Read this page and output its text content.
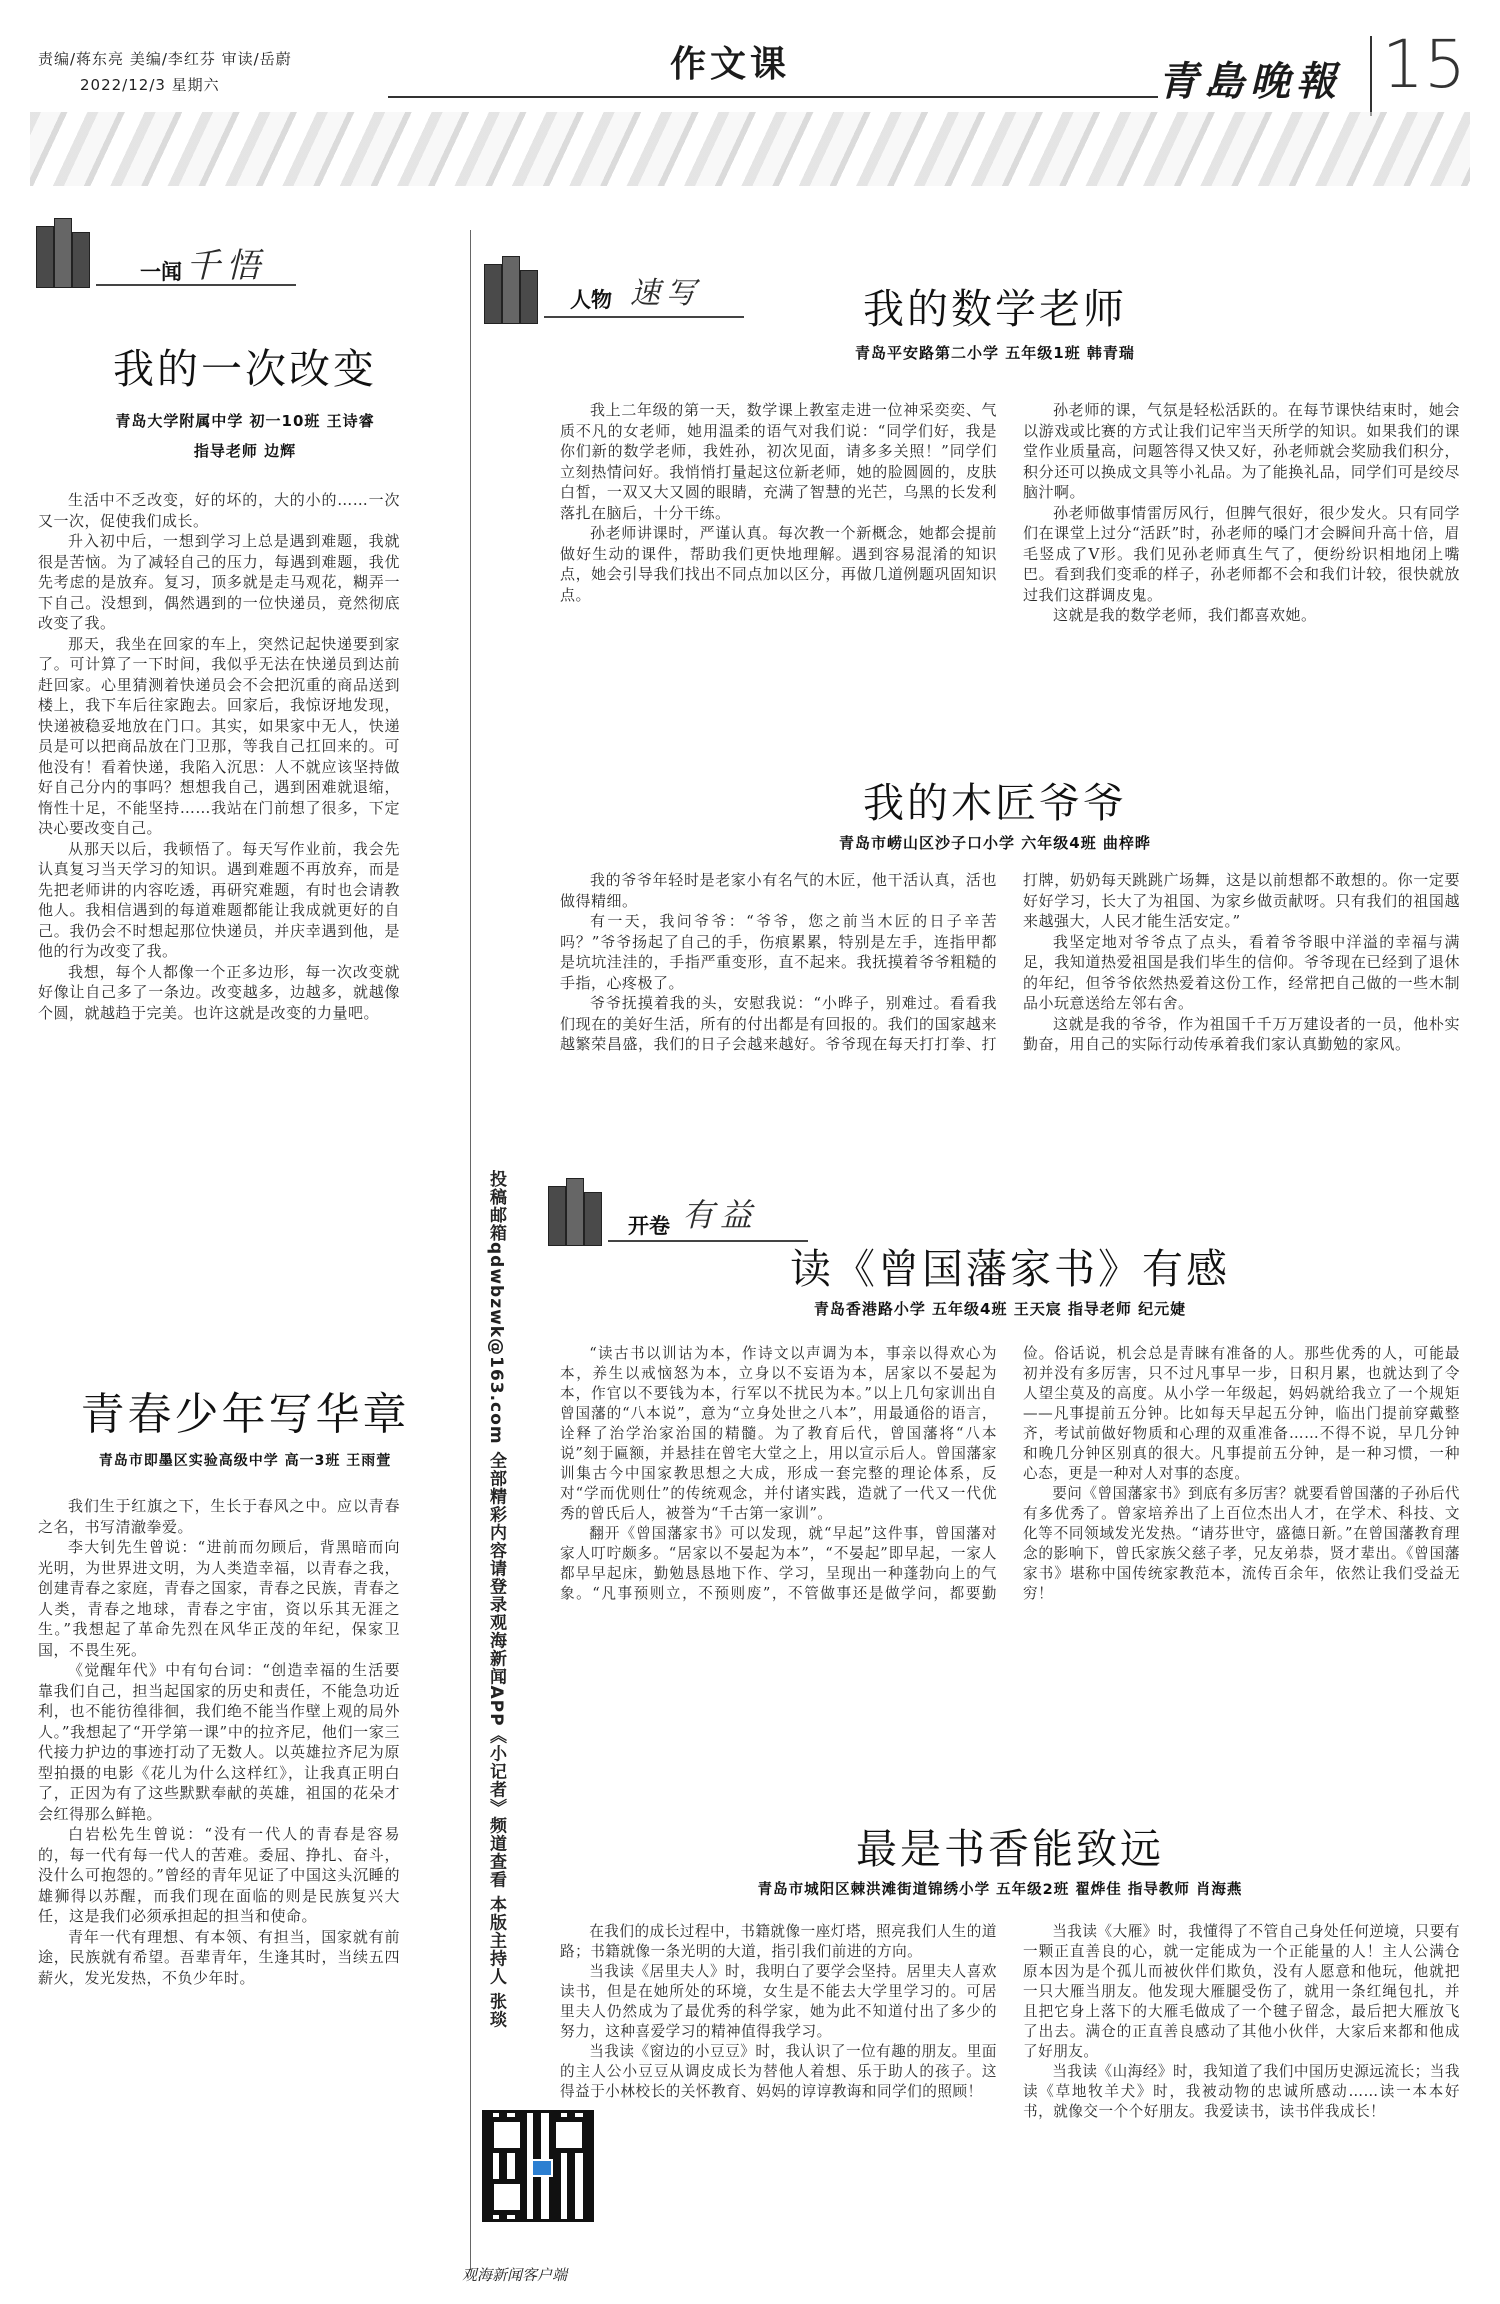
责编/蒋东亮 美编/李红芬 审读/岳蔚
2022/12/3 星期六	作文课	青島晚報 15
一闻 千悟
我的一次改变
青岛大学附属中学 初一10班 王诗睿
指导老师 边辉

生活中不乏改变，好的坏的，大的小的……一次又一次，促使我们成长。

升入初中后，一想到学习上总是遇到难题，我就很是苦恼。为了减轻自己的压力，每遇到难题，我优先考虑的是放弃。复习，顶多就是走马观花，糊弄一下自己。没想到，偶然遇到的一位快递员，竟然彻底改变了我。

那天，我坐在回家的车上，突然记起快递要到家了。可计算了一下时间，我似乎无法在快递员到达前赶回家。心里猜测着快递员会不会把沉重的商品送到楼上，我下车后往家跑去。回家后，我惊讶地发现，快递被稳妥地放在门口。其实，如果家中无人，快递员是可以把商品放在门卫那，等我自己扛回来的。可他没有！看着快递，我陷入沉思：人不就应该坚持做好自己分内的事吗？想想我自己，遇到困难就退缩，惰性十足，不能坚持……我站在门前想了很多，下定决心要改变自己。

从那天以后，我顿悟了。每天写作业前，我会先认真复习当天学习的知识。遇到难题不再放弃，而是先把老师讲的内容吃透，再研究难题，有时也会请教他人。我相信遇到的每道难题都能让我成就更好的自己。我仍会不时想起那位快递员，并庆幸遇到他，是他的行为改变了我。

我想，每个人都像一个正多边形，每一次改变就好像让自己多了一条边。改变越多，边越多，就越像个圆，就越趋于完美。也许这就是改变的力量吧。

青春少年写华章
青岛市即墨区实验高级中学 高一3班 王雨萱

我们生于红旗之下，生长于春风之中。应以青春之名，书写清澈拳爱。

李大钊先生曾说：“进前而勿顾后，背黑暗而向光明，为世界进文明，为人类造幸福，以青春之我，创建青春之家庭，青春之国家，青春之民族，青春之人类，青春之地球，青春之宇宙，资以乐其无涯之生。”我想起了革命先烈在风华正茂的年纪，保家卫国，不畏生死。

《觉醒年代》中有句台词：“创造幸福的生活要靠我们自己，担当起国家的历史和责任，不能急功近利，也不能彷徨徘徊，我们绝不能当作壁上观的局外人。”我想起了“开学第一课”中的拉齐尼，他们一家三代接力护边的事迹打动了无数人。以英雄拉齐尼为原型拍摄的电影《花儿为什么这样红》，让我真正明白了，正因为有了这些默默奉献的英雄，祖国的花朵才会红得那么鲜艳。

白岩松先生曾说：“没有一代人的青春是容易的，每一代有每一代人的苦难。委屈、挣扎、奋斗，没什么可抱怨的。”曾经的青年见证了中国这头沉睡的雄狮得以苏醒，而我们现在面临的则是民族复兴大任，这是我们必须承担起的担当和使命。

青年一代有理想、有本领、有担当，国家就有前途，民族就有希望。吾辈青年，生逢其时，当续五四薪火，发光发热，不负少年时。	投稿邮箱qdwbzwk@163.com 全部精彩内容请登录观海新闻APP《小记者》频道查看 本版主持人 张琰
观海新闻客户端
人物 速写	我的数学老师
青岛平安路第二小学 五年级1班 韩青瑞

我上二年级的第一天，数学课上教室走进一位神采奕奕、气质不凡的女老师，她用温柔的语气对我们说：“同学们好，我是你们新的数学老师，我姓孙，初次见面，请多多关照！”同学们立刻热情问好。我悄悄打量起这位新老师，她的脸圆圆的，皮肤白皙，一双又大又圆的眼睛，充满了智慧的光芒，乌黑的长发利落扎在脑后，十分干练。

孙老师讲课时，严谨认真。每次教一个新概念，她都会提前做好生动的课件，帮助我们更快地理解。遇到容易混淆的知识点，她会引导我们找出不同点加以区分，再做几道例题巩固知识点。

孙老师的课，气氛是轻松活跃的。在每节课快结束时，她会以游戏或比赛的方式让我们记牢当天所学的知识。如果我们的课堂作业质量高，问题答得又快又好，孙老师就会奖励我们积分，积分还可以换成文具等小礼品。为了能换礼品，同学们可是绞尽脑汁啊。

孙老师做事情雷厉风行，但脾气很好，很少发火。只有同学们在课堂上过分“活跃”时，孙老师的嗓门才会瞬间升高十倍，眉毛竖成了V形。我们见孙老师真生气了，便纷纷识相地闭上嘴巴。看到我们变乖的样子，孙老师都不会和我们计较，很快就放过我们这群调皮鬼。

这就是我的数学老师，我们都喜欢她。

我的木匠爷爷
青岛市崂山区沙子口小学 六年级4班 曲梓晔

我的爷爷年轻时是老家小有名气的木匠，他干活认真，活也做得精细。

有一天，我问爷爷：“爷爷，您之前当木匠的日子辛苦吗？”爷爷扬起了自己的手，伤痕累累，特别是左手，连指甲都是坑坑洼洼的，手指严重变形，直不起来。我抚摸着爷爷粗糙的手指，心疼极了。

爷爷抚摸着我的头，安慰我说：“小晔子，别难过。看看我们现在的美好生活，所有的付出都是有回报的。我们的国家越来越繁荣昌盛，我们的日子会越来越好。爷爷现在每天打打拳、打打牌，奶奶每天跳跳广场舞，这是以前想都不敢想的。你一定要好好学习，长大了为祖国、为家乡做贡献呀。只有我们的祖国越来越强大，人民才能生活安定。”

我坚定地对爷爷点了点头，看着爷爷眼中洋溢的幸福与满足，我知道热爱祖国是我们毕生的信仰。爷爷现在已经到了退休的年纪，但爷爷依然热爱着这份工作，经常把自己做的一些木制品小玩意送给左邻右舍。

这就是我的爷爷，作为祖国千千万万建设者的一员，他朴实勤奋，用自己的实际行动传承着我们家认真勤勉的家风。

开卷 有益
读《曾国藩家书》有感
青岛香港路小学 五年级4班 王天宸 指导老师 纪元婕

“读古书以训诂为本，作诗文以声调为本，事亲以得欢心为本，养生以戒恼怒为本，立身以不妄语为本，居家以不晏起为本，作官以不要钱为本，行军以不扰民为本。”以上几句家训出自曾国藩的“八本说”，意为“立身处世之八本”，用最通俗的语言，诠释了治学治家治国的精髓。为了教育后代，曾国藩将“八本说”刻于匾额，并悬挂在曾宅大堂之上，用以宣示后人。曾国藩家训集古今中国家教思想之大成，形成一套完整的理论体系，反对“学而优则仕”的传统观念，并付诸实践，造就了一代又一代优秀的曾氏后人，被誉为“千古第一家训”。

翻开《曾国藩家书》可以发现，就“早起”这件事，曾国藩对家人叮咛颇多。“居家以不晏起为本”，“不晏起”即早起，一家人都早早起床，勤勉恳恳地下作、学习，呈现出一种蓬勃向上的气象。“凡事预则立，不预则废”，不管做事还是做学问，都要勤俭。俗话说，机会总是青睐有准备的人。那些优秀的人，可能最初并没有多厉害，只不过凡事早一步，日积月累，也就达到了令人望尘莫及的高度。从小学一年级起，妈妈就给我立了一个规矩——凡事提前五分钟。比如每天早起五分钟，临出门提前穿戴整齐，考试前做好物质和心理的双重准备……不得不说，早几分钟和晚几分钟区别真的很大。凡事提前五分钟，是一种习惯，一种心态，更是一种对人对事的态度。

要问《曾国藩家书》到底有多厉害？就要看曾国藩的子孙后代有多优秀了。曾家培养出了上百位杰出人才，在学术、科技、文化等不同领域发光发热。“请芬世守，盛德日新。”在曾国藩教育理念的影响下，曾氏家族父慈子孝，兄友弟恭，贤才辈出。《曾国藩家书》堪称中国传统家教范本，流传百余年，依然让我们受益无穷！

最是书香能致远
青岛市城阳区棘洪滩街道锦绣小学 五年级2班 翟烨佳 指导教师 肖海燕

在我们的成长过程中，书籍就像一座灯塔，照亮我们人生的道路；书籍就像一条光明的大道，指引我们前进的方向。

当我读《居里夫人》时，我明白了要学会坚持。居里夫人喜欢读书，但是在她所处的环境，女生是不能去大学里学习的。可居里夫人仍然成为了最优秀的科学家，她为此不知道付出了多少的努力，这种喜爱学习的精神值得我学习。

当我读《窗边的小豆豆》时，我认识了一位有趣的朋友。里面的主人公小豆豆从调皮成长为替他人着想、乐于助人的孩子。这得益于小林校长的关怀教育、妈妈的谆谆教诲和同学们的照顾！

当我读《大雁》时，我懂得了不管自己身处任何逆境，只要有一颗正直善良的心，就一定能成为一个正能量的人！主人公满仓原本因为是个孤儿而被伙伴们欺负，没有人愿意和他玩，他就把一只大雁当朋友。他发现大雁腿受伤了，就用一条红绳包扎，并且把它身上落下的大雁毛做成了一个毽子留念，最后把大雁放飞了出去。满仓的正直善良感动了其他小伙伴，大家后来都和他成了好朋友。

当我读《山海经》时，我知道了我们中国历史源远流长；当我读《草地牧羊犬》时，我被动物的忠诚所感动……读一本本好书，就像交一个个好朋友。我爱读书，读书伴我成长！
